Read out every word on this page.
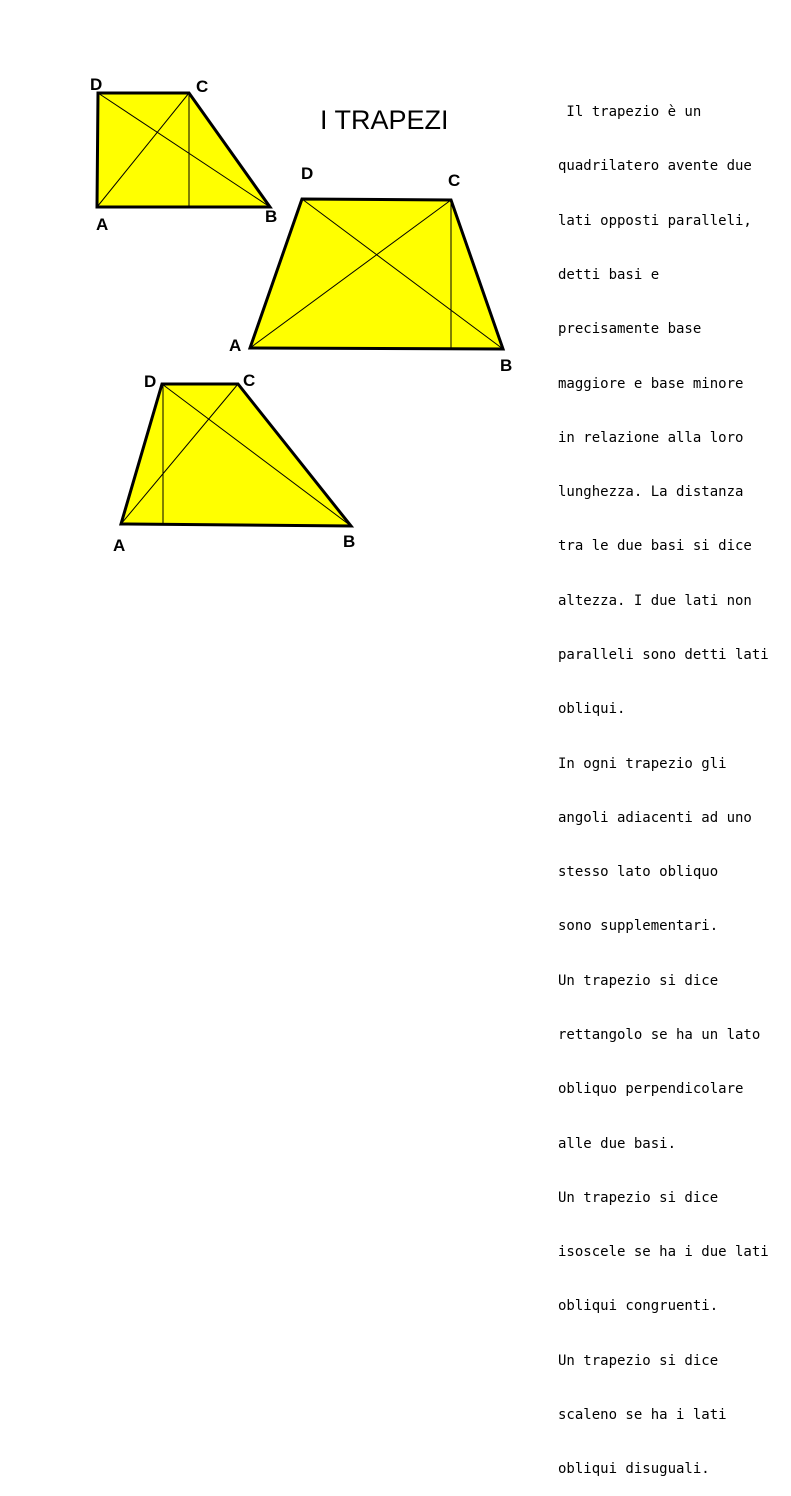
I TRAPEZI
A	B
C
D
A
B
C
D
A	B
C
D

Il trapezio è un

quadrilatero avente due

lati opposti paralleli,

detti basi e

precisamente base

maggiore e base minore

in relazione alla loro

lunghezza. La distanza

tra le due basi si dice

altezza. I due lati non

paralleli sono detti lati

obliqui.

In ogni trapezio gli

angoli adiacenti ad uno

stesso lato obliquo

sono supplementari.

Un trapezio si dice

rettangolo se ha un lato

obliquo perpendicolare

alle due basi.

Un trapezio si dice

isoscele se ha i due lati

obliqui congruenti.

Un trapezio si dice

scaleno se ha i lati

obliqui disuguali.
